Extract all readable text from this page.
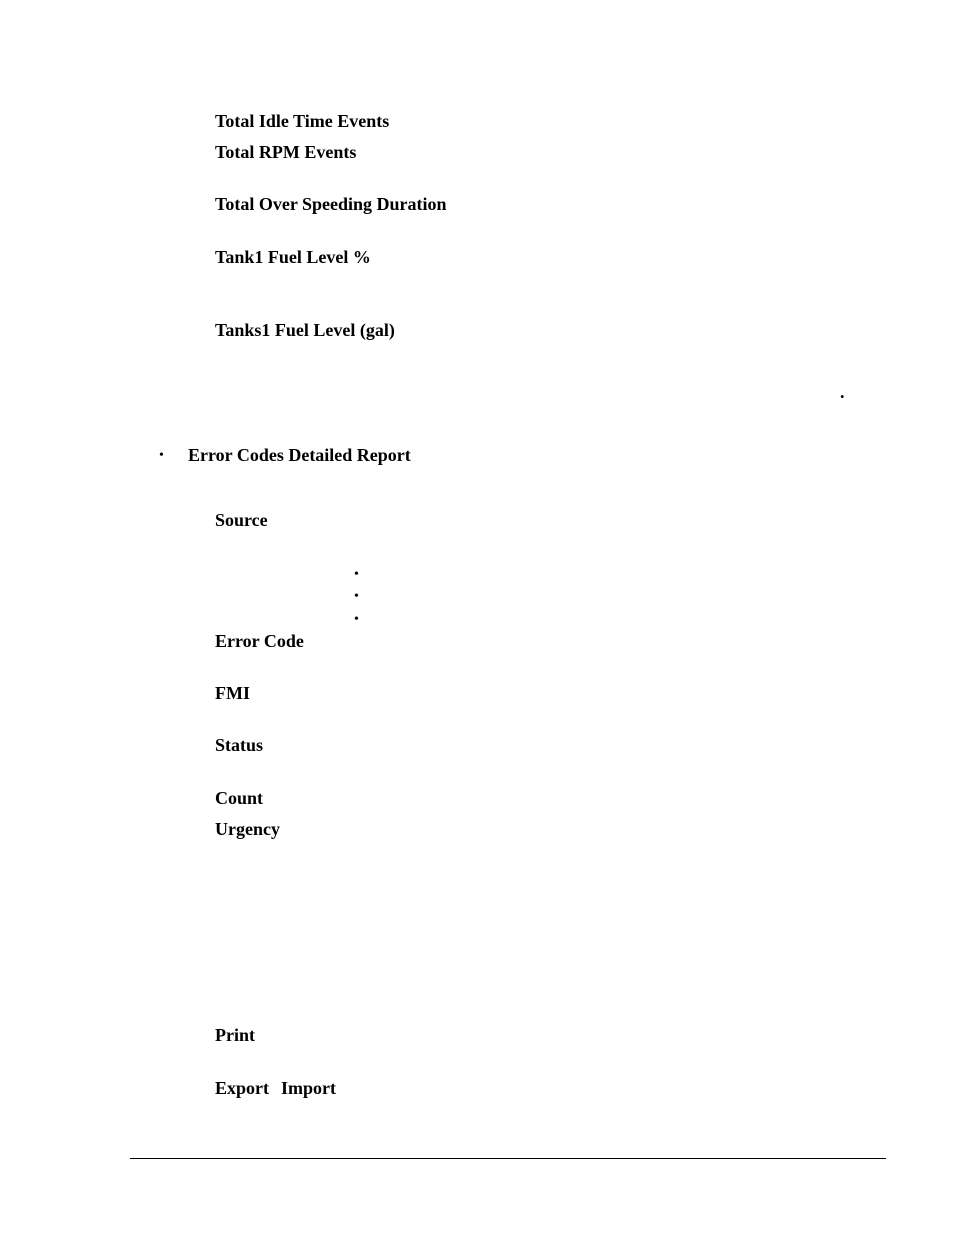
Total Idle Time Events
Total RPM Events
Total Over Speeding Duration
Tank1 Fuel Level %
Tanks1 Fuel Level (gal)
.
• Error Codes Detailed Report
Source
•
•
•
Error Code
FMI
Status
Count
Urgency
Print
Export Import
